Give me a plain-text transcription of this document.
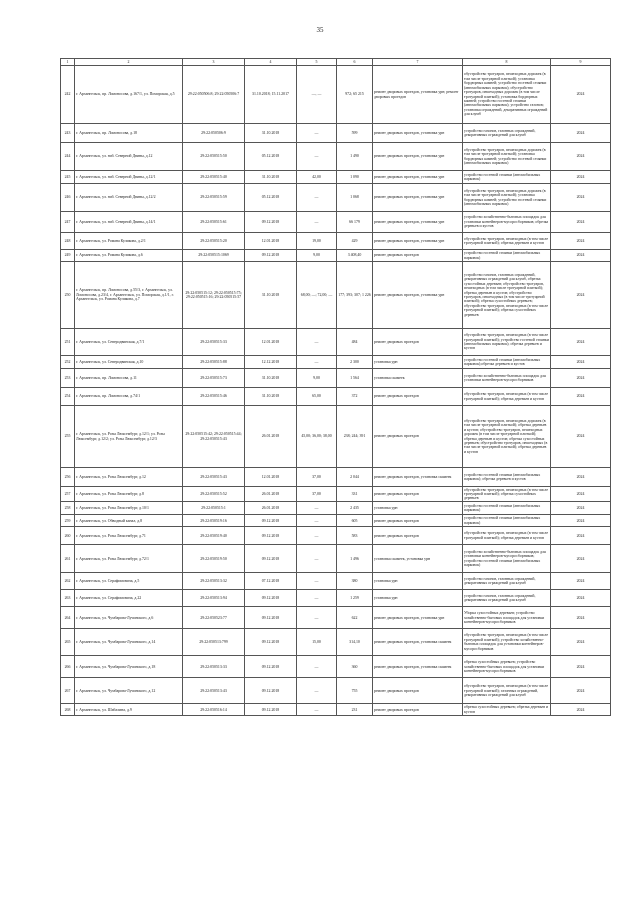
35
1	2	3	4	5	6	7	8	9
242	г. Архангельск, пр. Ломоносова, д.167/1, ул. Поморская, д.5	29:22:050506:8; 29:22:050506:7	31.10.2018; 15.11.2017	—, —	972; 65 215	ремонт дворовых проездов, установка урн; ремонт дворовых проездов	обустройство тротуаров, пешеходных дорожек (в том числе тротуарной плиткой); установка бордюрных камней; устройство гостевой стоянки (автомобильных парковок); обустройство тротуаров, пешеходных дорожек (в том числе тротуарной плиткой); установка бордюрных камней; устройство гостевой стоянки (автомобильных парковок); устройство газонов; установка ограждений, декоративных ограждений для клумб	2024
243	г. Архангельск, пр. Ломоносова, д.18	29:22:050506:9	31.10.2018	—	599	ремонт дворовых проездов, установка урн	устройство газонов, газонных ограждений, декоративных ограждений для клумб	2024
244	г. Архангельск, ул. наб. Северной Двины, д.12	29:22:050515:50	05.12.2018	—	1 490	ремонт дворовых проездов, установка урн	обустройство тротуаров, пешеходных дорожек (в том числе тротуарной плиткой); установка бордюрных камней; устройство гостевой стоянки (автомобильных парковок)	2024
245	г. Архангельск, ул. наб. Северной Двины, д.12/1	29:22:050515:40	31.10.2018	42,00	1 090	ремонт дворовых проездов, установка урн	устройство гостевой стоянки (автомобильных парковок)	2024
246	г. Архангельск, ул. наб. Северной Двины, д.12/2	29:22:050515:59	05.12.2018	—	1 068	ремонт дворовых проездов, установка урн	обустройство тротуаров, пешеходных дорожек (в том числе тротуарной плиткой); установка бордюрных камней; устройство гостевой стоянки (автомобильных парковок)	2024
247	г. Архангельск, ул. наб. Северной Двины, д.14/1	29:22:050515:61	09.12.2018	—	66 179	ремонт дворовых проездов, установка урн	устройство хозяйственно-бытовых площадок для установки контейнеров-мусоросборников; обрезка деревьев и кустов	2024
248	г. Архангельск, ул. Романа Куликова, д.2/1	29:22:050515:20	12.01.2018	19,00	429	ремонт дворовых проездов, установка урн	обустройство тротуаров, пешеходных (в том числе тротуарной плиткой); обрезка деревьев и кустов	2024
249	г. Архангельск, ул. Романа Куликова, д.6	29:22:050515:1069	09.12.2018	9,00	3 408,40	ремонт дворовых проездов	устройство гостевой стоянки (автомобильных парковок)	2024
250	г. Архангельск, пр. Ломоносова, д.55/3, г. Архангельск, ул. Ломоносова, д.23/4, г. Архангельск, ул. Поморская, д.1/1, г. Архангельск, ул. Романа Куликова, д.7	29:22:050515:12; 29:22:050515:75; 29:22:050515:16; 29:22:050515:57	31.10.2018	68,00; —; 72,00; —	177; 393; 307; 1 226	ремонт дворовых проездов, установка урн	устройство газонов, газонных ограждений, декоративных ограждений для клумб, обрезка сухостойных деревьев; обустройство тротуаров, пешеходных (в том числе тротуарной плиткой); обрезка деревьев и кустов; обустройство тротуаров, пешеходных (в том числе тротуарной плиткой); обрезка сухостойных деревьев; обустройство тротуаров, пешеходных (в том числе тротуарной плиткой); обрезка сухостойных деревьев	2024
251	г. Архангельск, ул. Северодвинская, д.7/1	29:22:050515:33	12.01.2018	—	484	ремонт дворовых проездов	обустройство тротуаров, пешеходных (в том числе тротуарной плиткой); устройство гостевой стоянки (автомобильных парковок); обрезка деревьев и кустов	2024
252	г. Архангельск, ул. Северодвинская, д.10	29:22:050515:88	12.12.2018	—	2 300	установка урн	устройство гостевой стоянки (автомобильных парковок);обрезка деревьев и кустов	2024
253	г. Архангельск, пр. Ломоносова, д.11	29:22:050515:73	31.10.2018	9,00	1 564	установка скамеек	устройство хозяйственно-бытовых площадок для установки контейнеров-мусоросборников	2024
254	г. Архангельск, пр. Ломоносова, д.74/1	29:22:050515:46	31.10.2018	65,00	372	ремонт дворовых проездов	обустройство тротуаров, пешеходных (в том числе тротуарной плиткой); обрезка деревьев и кустов	2024
255	г. Архангельск, ул. Розы Люксембург, д.12/1; ул. Розы Люксембург, д.12/2; ул. Розы Люксембург, д.12/3	29:22:050515:42; 29:22:050515:44; 29:22:050515:43	26.01.2018	45,00; 36,00; 38,00	238; 244; 391	ремонт дворовых проездов	обустройство тротуаров, пешеходных дорожек (в том числе тротуарной плиткой); обрезка деревьев и кустов; обустройство тротуаров, пешеходных дорожек (в том числе тротуарной плиткой); обрезка деревьев и кустов; обрезка сухостойных деревьев; обустройство тротуаров, пешеходных (в том числе тротуарной плиткой); обрезка деревьев и кустов	2024
256	г. Архангельск, ул. Розы Люксембург, д.12	29:22:050515:43	12.01.2018	37,00	2 044	ремонт дворовых проездов, установка скамеек	устройство гостевой стоянки (автомобильных парковок); обрезка деревьев и кустов	2024
257	г. Архангельск, ул. Розы Люксембург, д.8	29:22:050515:52	26.01.2018	37,00	331	ремонт дворовых проездов	обустройство тротуаров, пешеходных (в том числе тротуарной плиткой); обрезка сухостойных деревьев	2024
258	г. Архангельск, ул. Розы Люксембург, д.10/1	29:22:050515:1	26.01.2018	—	2 435	установка урн	устройство гостевой стоянки (автомобильных парковок)	2024
259	г. Архангельск, ул. Обводный канал, д.8	29:22:050519:16	09.12.2018	—	605	ремонт дворовых проездов	устройство гостевой стоянки (автомобильных парковок)	2024
260	г. Архангельск, ул. Розы Люксембург, д.71	29:22:050519:40	09.12.2018	—	583	ремонт дворовых проездов	обустройство тротуаров, пешеходных (в том числе тротуарной плиткой); обрезка деревьев и кустов	2024
261	г. Архангельск, ул. Розы Люксембург, д.72/1	29:22:050519:50	09.12.2018	—	1 496	установка скамеек, установка урн	устройство хозяйственно-бытовых площадок для установки контейнеров-мусоросборников; устройство гостевой стоянки (автомобильных парковок)	2024
262	г. Архангельск, ул. Серафимовича, д.5	29:22:050513:32	07.12.2018	—	380	установка урн	устройство газонов, газонных ограждений, декоративных ограждений для клумб	2024
263	г. Архангельск, ул. Серафимовича, д.22	29:22:050513:94	09.12.2018	—	1 259	установка урн	устройство газонов, газонных ограждений, декоративных ограждений для клумб	2024
264	г. Архангельск, ул. Чумбарова-Лучинского, д.6	29:22:050523:77	09.12.2018	—	622	ремонт дворовых проездов, установка урн	Уборка сухостойных деревьев; устройство хозяйственно-бытовых площадок для установки контейнеров-мусоросборников	2024
265	г. Архангельск, ул. Чумбарова-Лучинского, д.14	29:22:050513:799	09.12.2018	15,00	314,10	ремонт дворовых проездов, установка скамеек	обустройство тротуаров, пешеходных (в том числе тротуарной плиткой); устройство хозяйственно-бытовых площадок для установки контейнеров-мусоросборников	2024
266	г. Архангельск, ул. Чумбарова-Лучинского, д.18	29:22:050513:33	09.12.2018	—	360	ремонт дворовых проездов, установка скамеек	обрезка сухостойных деревьев; устройство хозяйственно-бытовых площадок для установки контейнеров-мусоросборников	2024
267	г. Архангельск, ул. Чумбарова-Лучинского, д.12	29:22:050513:43	09.12.2018	—	755	ремонт дворовых проездов	обустройство тротуаров, пешеходных (в том числе тротуарной плиткой); газонных ограждений, декоративных ограждений для клумб	2024
268	г. Архангельск, ул. Шабалина, д.9	29:22:050516:14	09.12.2018	—	231	ремонт дворовых проездов	обрезка сухостойных деревьев; обрезка деревьев и кустов	2024
